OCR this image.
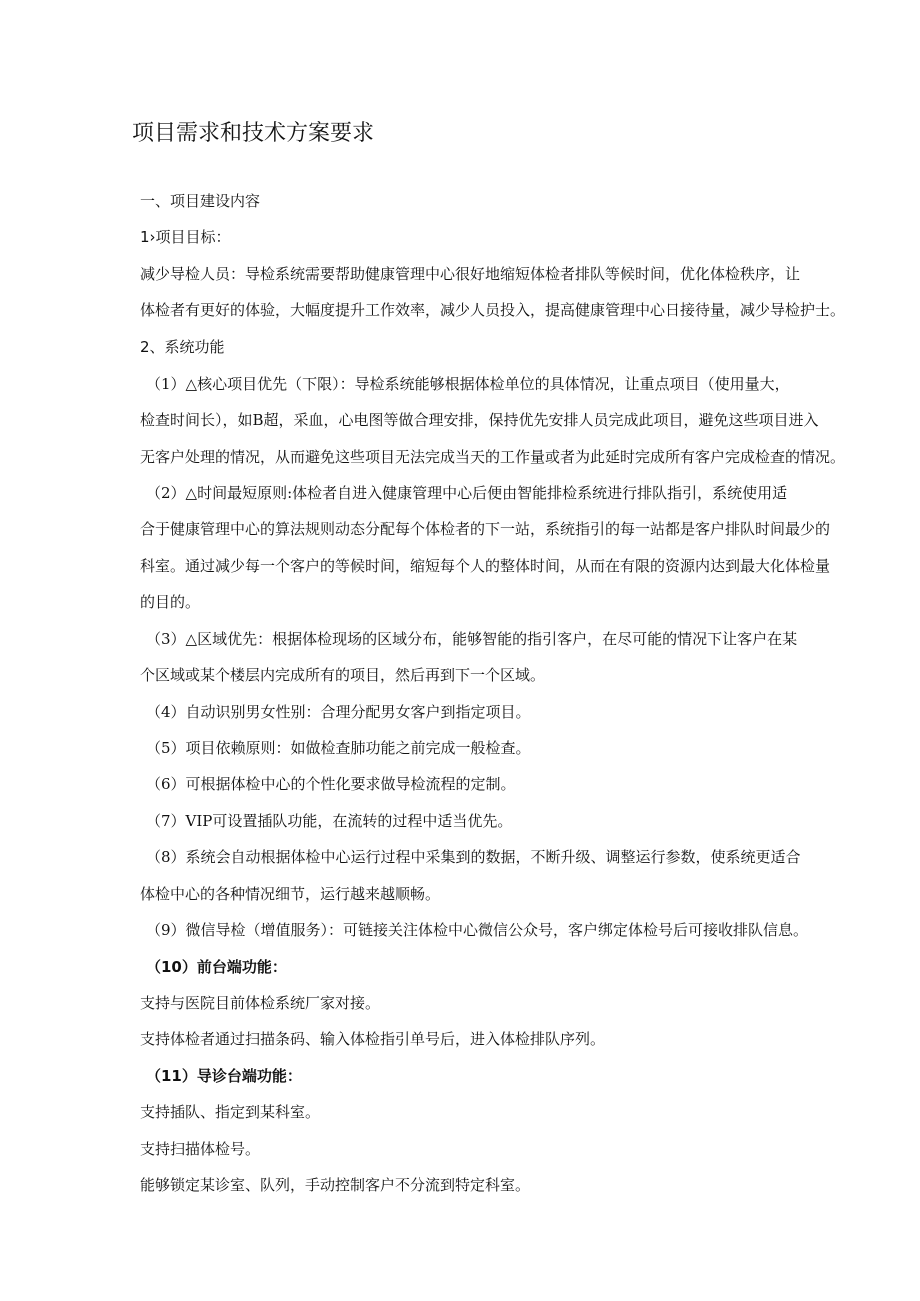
项目需求和技术方案要求
一、项目建设内容
1›项目目标：
减少导检人员：导检系统需要帮助健康管理中心很好地缩短体检者排队等候时间，优化体检秩序，让
体检者有更好的体验，大幅度提升工作效率，减少人员投入，提高健康管理中心日接待量，减少导检护士。
2、系统功能
（1）△核心项目优先（下限）：导检系统能够根据体检单位的具体情况，让重点项目（使用量大，
检查时间长），如B超，采血，心电图等做合理安排，保持优先安排人员完成此项目，避免这些项目进入
无客户处理的情况，从而避免这些项目无法完成当天的工作量或者为此延时完成所有客户完成检查的情况。
（2）△时间最短原则:体检者自进入健康管理中心后便由智能排检系统进行排队指引，系统使用适
合于健康管理中心的算法规则动态分配每个体检者的下一站，系统指引的每一站都是客户排队时间最少的
科室。通过减少每一个客户的等候时间，缩短每个人的整体时间，从而在有限的资源内达到最大化体检量
的目的。
（3）△区域优先：根据体检现场的区域分布，能够智能的指引客户，在尽可能的情况下让客户在某
个区域或某个楼层内完成所有的项目，然后再到下一个区域。
（4）自动识别男女性别：合理分配男女客户到指定项目。
（5）项目依赖原则：如做检查肺功能之前完成一般检查。
（6）可根据体检中心的个性化要求做导检流程的定制。
（7）VIP可设置插队功能，在流转的过程中适当优先。
（8）系统会自动根据体检中心运行过程中采集到的数据，不断升级、调整运行参数，使系统更适合
体检中心的各种情况细节，运行越来越顺畅。
（9）微信导检（增值服务）：可链接关注体检中心微信公众号，客户绑定体检号后可接收排队信息。
（10）前台端功能：
支持与医院目前体检系统厂家对接。
支持体检者通过扫描条码、输入体检指引单号后，进入体检排队序列。
（11）导诊台端功能：
支持插队、指定到某科室。
支持扫描体检号。
能够锁定某诊室、队列，手动控制客户不分流到特定科室。
